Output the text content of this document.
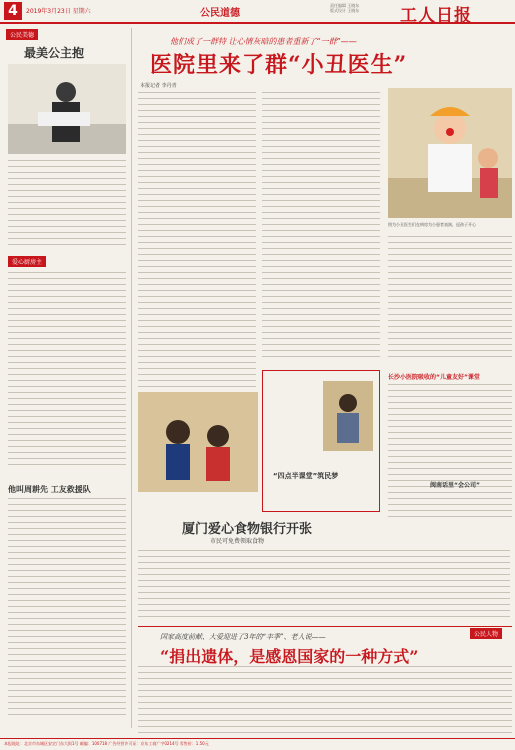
4	2019年3月23日 星期六	公民道德
责任编辑 王晓东
版式设计 王晓东 工人日报
公民美德
最美公主抱
爱心厨房主
他叫周耕先 工友救援队
他们成了一群特 让心情灰暗的患者重新了“一群”——
医院里来了群“小丑医生”
本报记者 李丹青
图为小丑医生们在病房为小患者表演，逗孩子开心
“四点半课堂”筑民梦
长沙小医院吸收的“儿童友好”课堂
闽南话里“会公司”
厦门爱心食物银行开张
市民可免费领取食物
公民人物
国家高度前献、大爱迎进了3年的“丰季”、老人说——
“捐出遗体，是感恩国家的一种方式”
本报地址：北京市东城区安定门东大街1号 邮编：100718 广告经营许可证：京东工商广字0214号 零售价：1.50元
